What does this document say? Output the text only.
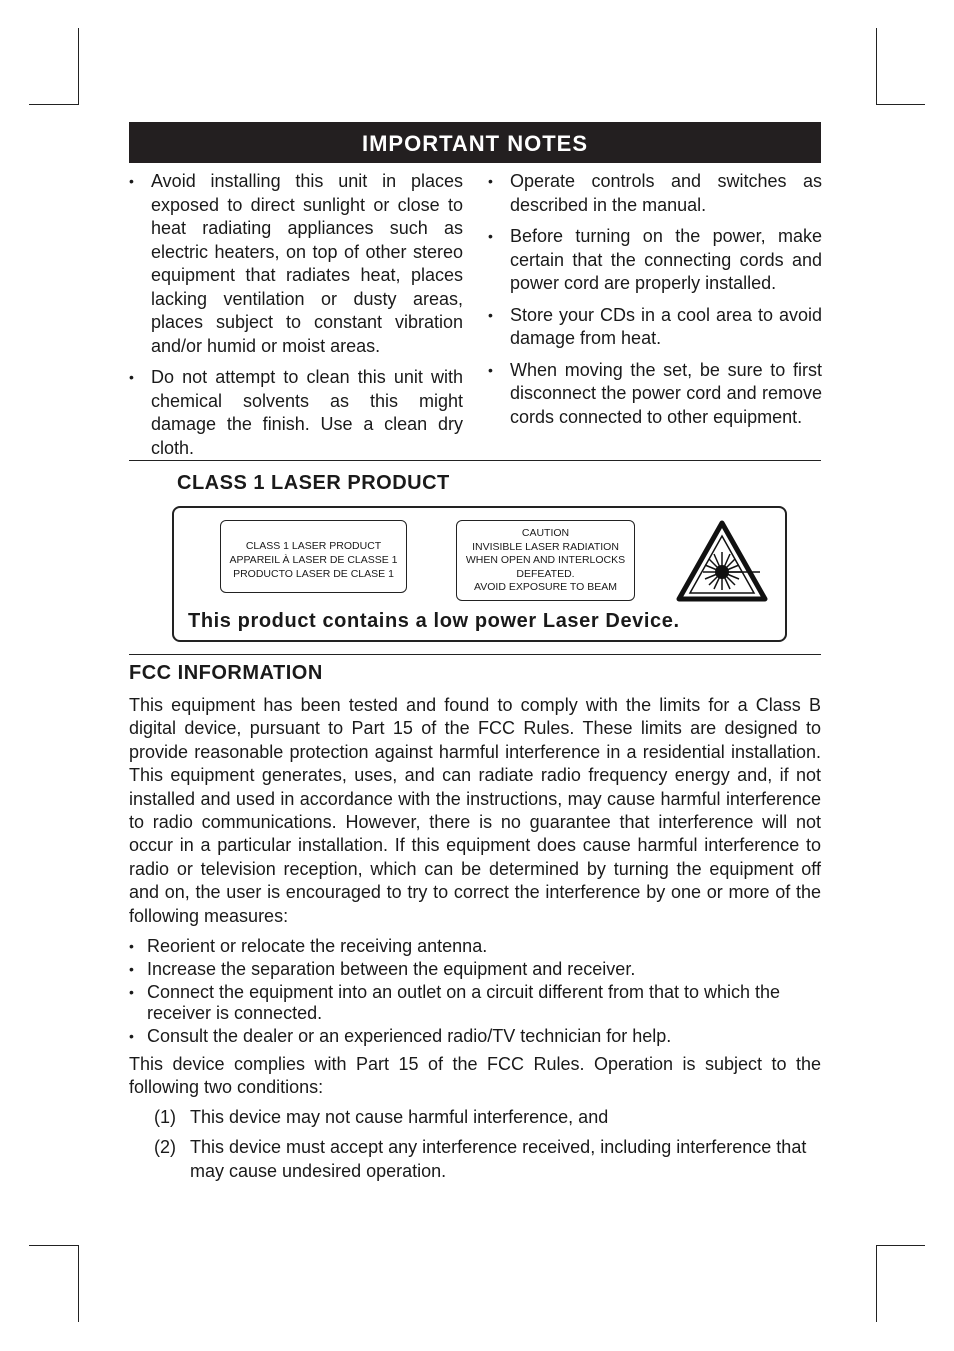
IMPORTANT NOTES
• Avoid installing this unit in places exposed to direct sunlight or close to heat radiating appliances such as electric heaters, on top of other stereo equipment that radiates heat, places lacking ventilation or dusty areas, places subject to constant vibration and/or humid or moist areas.
• Do not attempt to clean this unit with chemical solvents as this might damage the finish. Use a clean dry cloth.
• Operate controls and switches as described in the manual.
• Before turning on the power, make certain that the connecting cords and power cord are properly installed.
• Store your CDs in a cool area to avoid damage from heat.
• When moving the set, be sure to first disconnect the power cord and remove cords connected to other equipment.
CLASS 1 LASER PRODUCT
CLASS 1 LASER PRODUCT
APPAREIL À LASER DE CLASSE 1
PRODUCTO LASER DE CLASE 1
CAUTION
INVISIBLE LASER RADIATION
WHEN OPEN AND INTERLOCKS
DEFEATED.
AVOID EXPOSURE TO BEAM
This product contains a low power Laser Device.
FCC INFORMATION

This equipment has been tested and found to comply with the limits for a Class B digital device, pursuant to Part 15 of the FCC Rules. These limits are designed to provide reasonable protection against harmful interference in a residential installation. This equipment generates, uses, and can radiate radio frequency energy and, if not installed and used in accordance with the instructions, may cause harmful interference to radio communications. However, there is no guarantee that interference will not occur in a particular installation. If this equipment does cause harmful interference to radio or television reception, which can be determined by turning the equipment off and on, the user is encouraged to try to correct the interference by one or more of the following measures:

• Reorient or relocate the receiving antenna.
• Increase the separation between the equipment and receiver.
• Connect the equipment into an outlet on a circuit different from that to which the receiver is connected.
• Consult the dealer or an experienced radio/TV technician for help.

This device complies with Part 15 of the FCC Rules. Operation is subject to the following two conditions:

(1) This device may not cause harmful interference, and
(2) This device must accept any interference received, including interference that may cause undesired operation.
